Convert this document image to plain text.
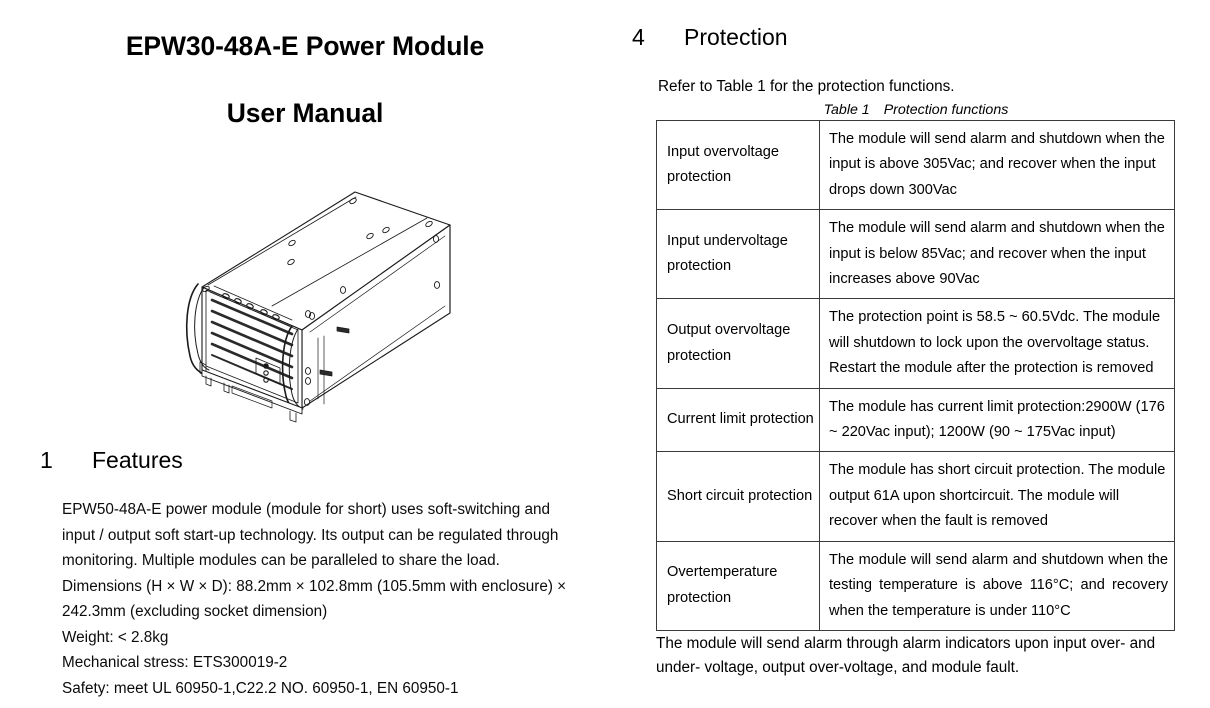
EPW30-48A-E Power Module
User Manual
1	Features

EPW50-48A-E power module (module for short) uses soft-switching and input / output soft start-up technology. Its output can be regulated through monitoring. Multiple modules can be paralleled to share the load.

Dimensions (H × W × D): 88.2mm × 102.8mm (105.5mm with enclosure) × 242.3mm (excluding socket dimension)

Weight: < 2.8kg

Mechanical stress: ETS300019-2

Safety: meet UL 60950-1,C22.2 NO. 60950-1, EN 60950-1

4	Protection
Refer to Table 1 for the protection functions.
Table 1 Protection functions
Input overvoltage protection	The module will send alarm and shutdown when the input is above 305Vac; and recover when the input drops down 300Vac

Input undervoltage protection	The module will send alarm and shutdown when the input is below 85Vac; and recover when the input increases above 90Vac

Output overvoltage protection	The protection point is 58.5 ~ 60.5Vdc. The module will shutdown to lock upon the overvoltage status. Restart the module after the protection is removed

Current limit protection	The module has current limit protection:2900W (176 ~ 220Vac input); 1200W (90 ~ 175Vac input)

Short circuit protection	The module has short circuit protection. The module output 61A upon shortcircuit. The module will recover when the fault is removed

Overtemperature protection	The module will send alarm and shutdown when the testing temperature is above 116°C; and recovery when the temperature is under 110°C

The module will send alarm through alarm indicators upon input over- and under- voltage, output over-voltage, and module fault.
